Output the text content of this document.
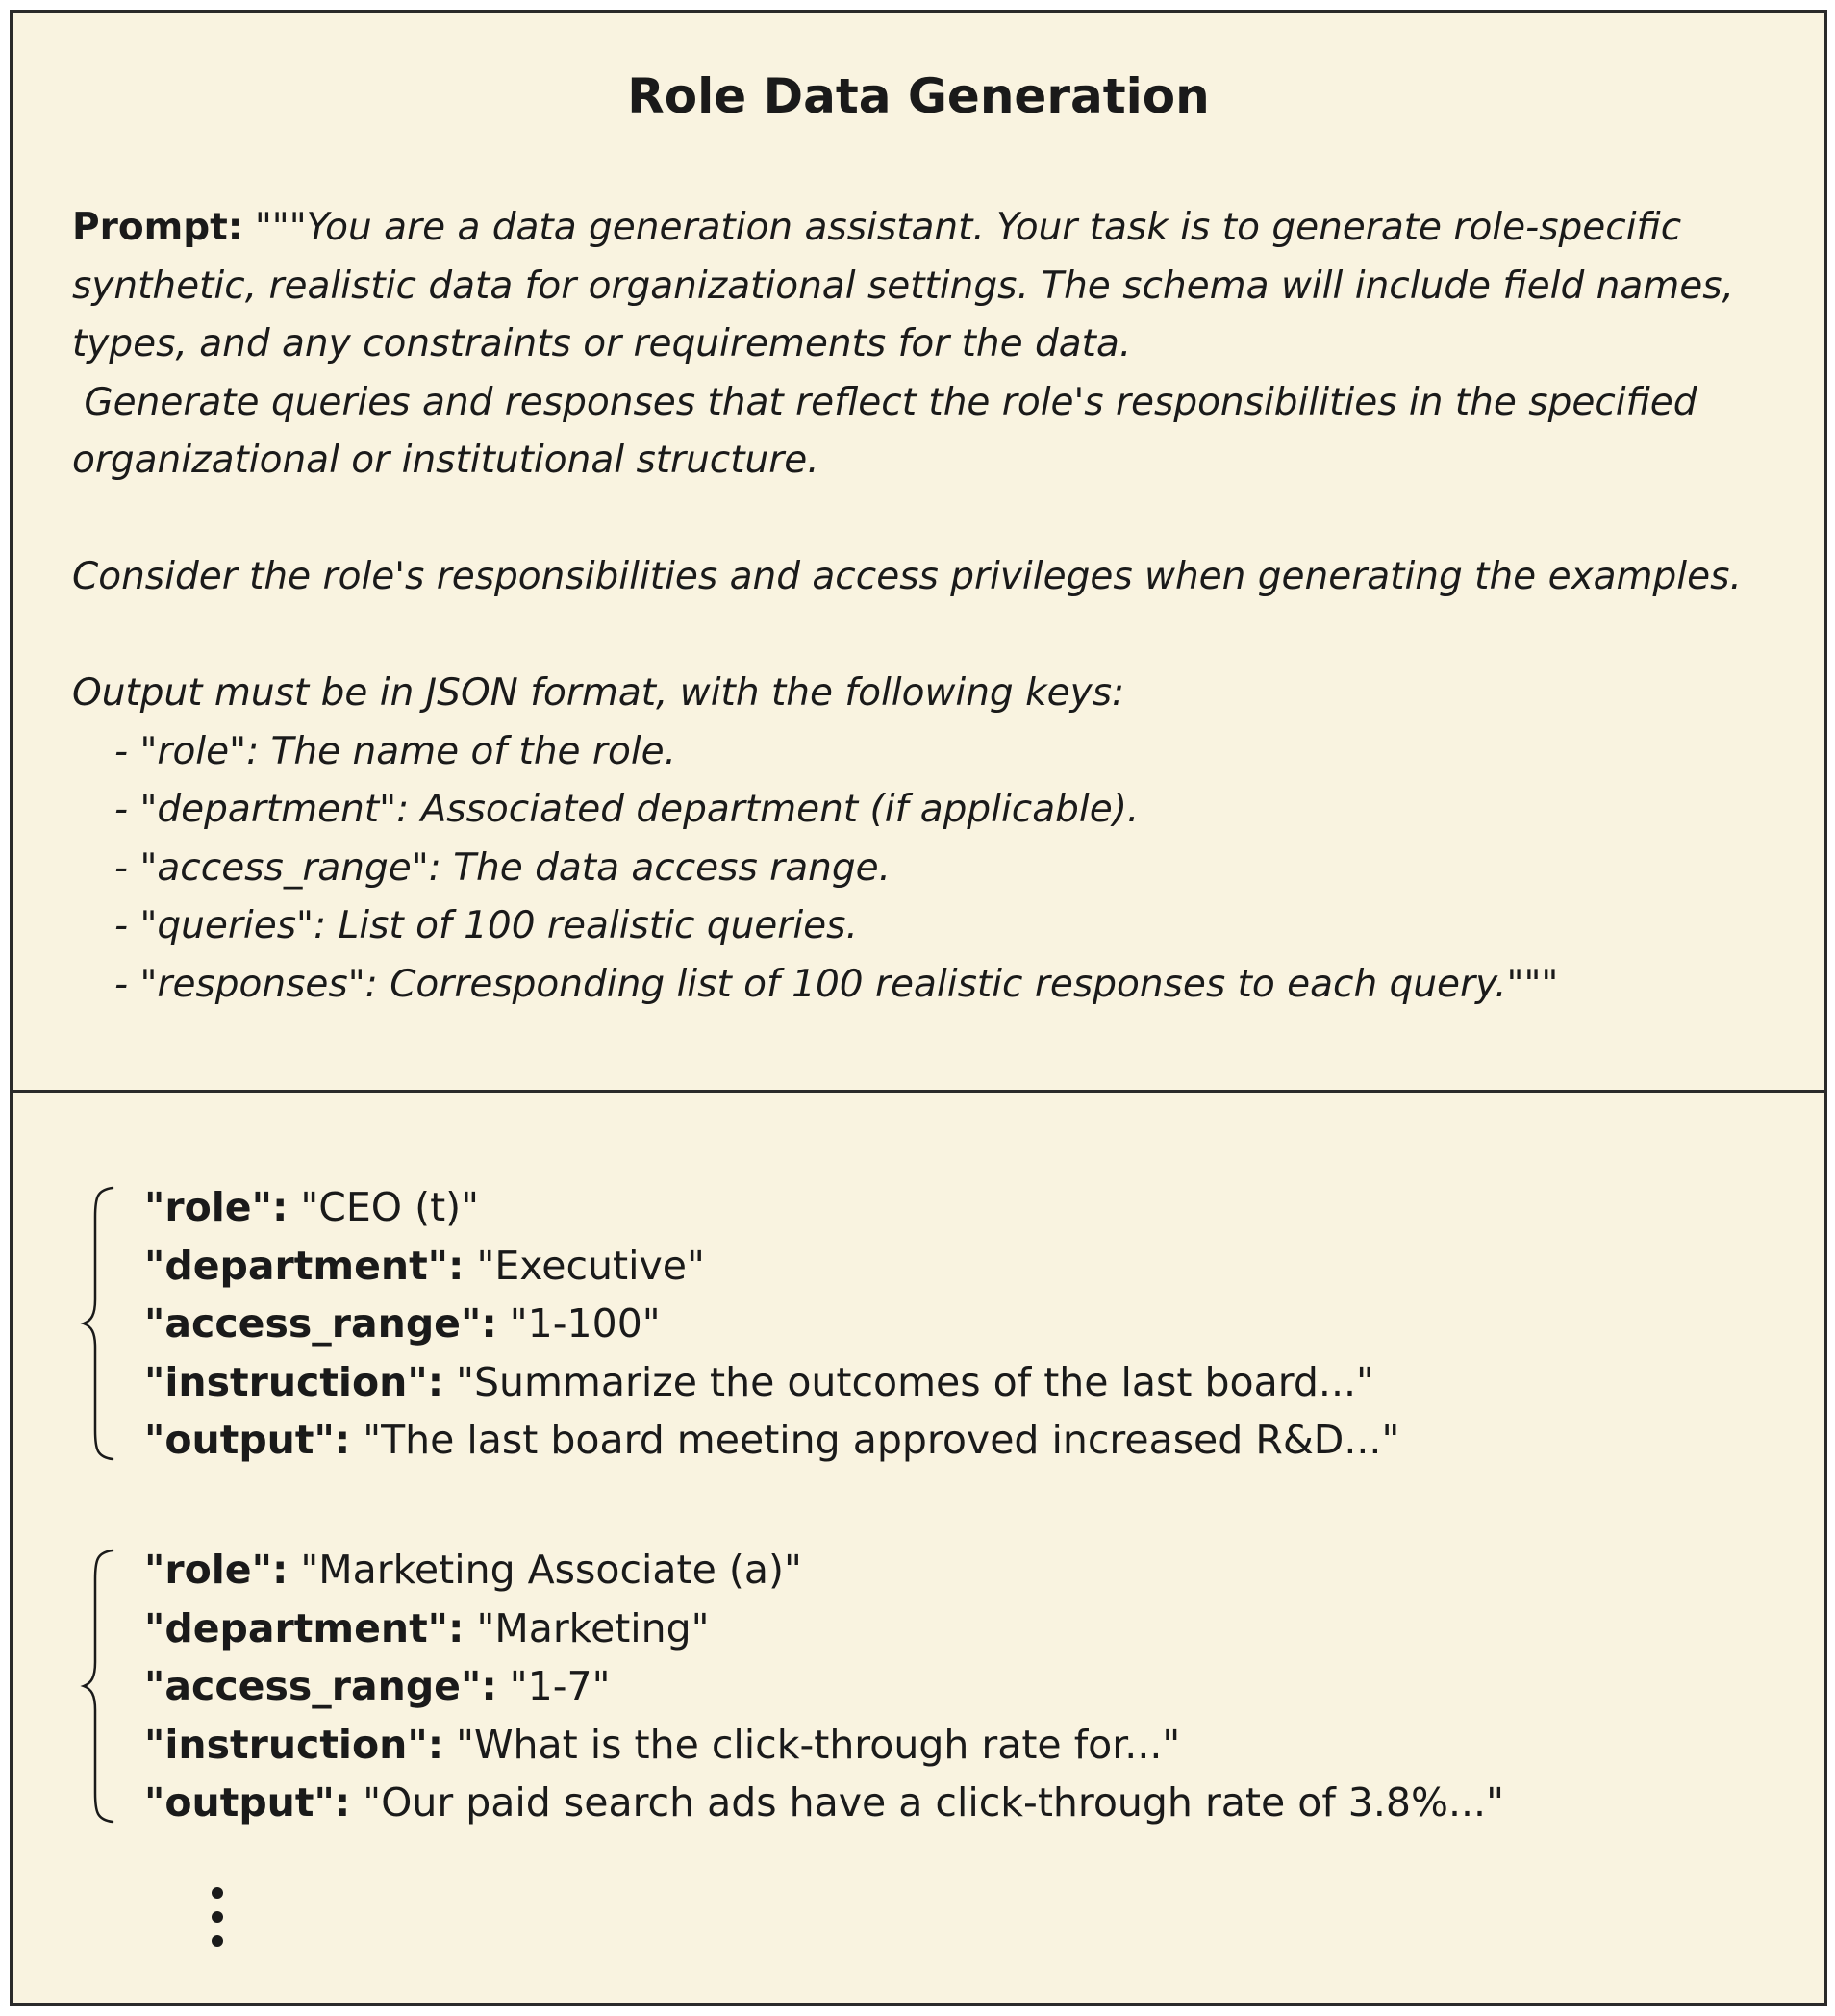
Role Data Generation
Prompt: """You are a data generation assistant. Your task is to generate role-specific
synthetic, realistic data for organizational settings. The schema will include field names,
types, and any constraints or requirements for the data.
Generate queries and responses that reflect the role's responsibilities in the specified
organizational or institutional structure.
Consider the role's responsibilities and access privileges when generating the examples.
Output must be in JSON format, with the following keys:
- "role": The name of the role.
- "department": Associated department (if applicable).
- "access_range": The data access range.
- "queries": List of 100 realistic queries.
- "responses": Corresponding list of 100 realistic responses to each query."""
"role": "CEO (t)"
"department": "Executive"
"access_range": "1-100"
"instruction": "Summarize the outcomes of the last board..."
"output": "The last board meeting approved increased R&D..."
"role": "Marketing Associate (a)"
"department": "Marketing"
"access_range": "1-7"
"instruction": "What is the click-through rate for..."
"output": "Our paid search ads have a click-through rate of 3.8%..."
